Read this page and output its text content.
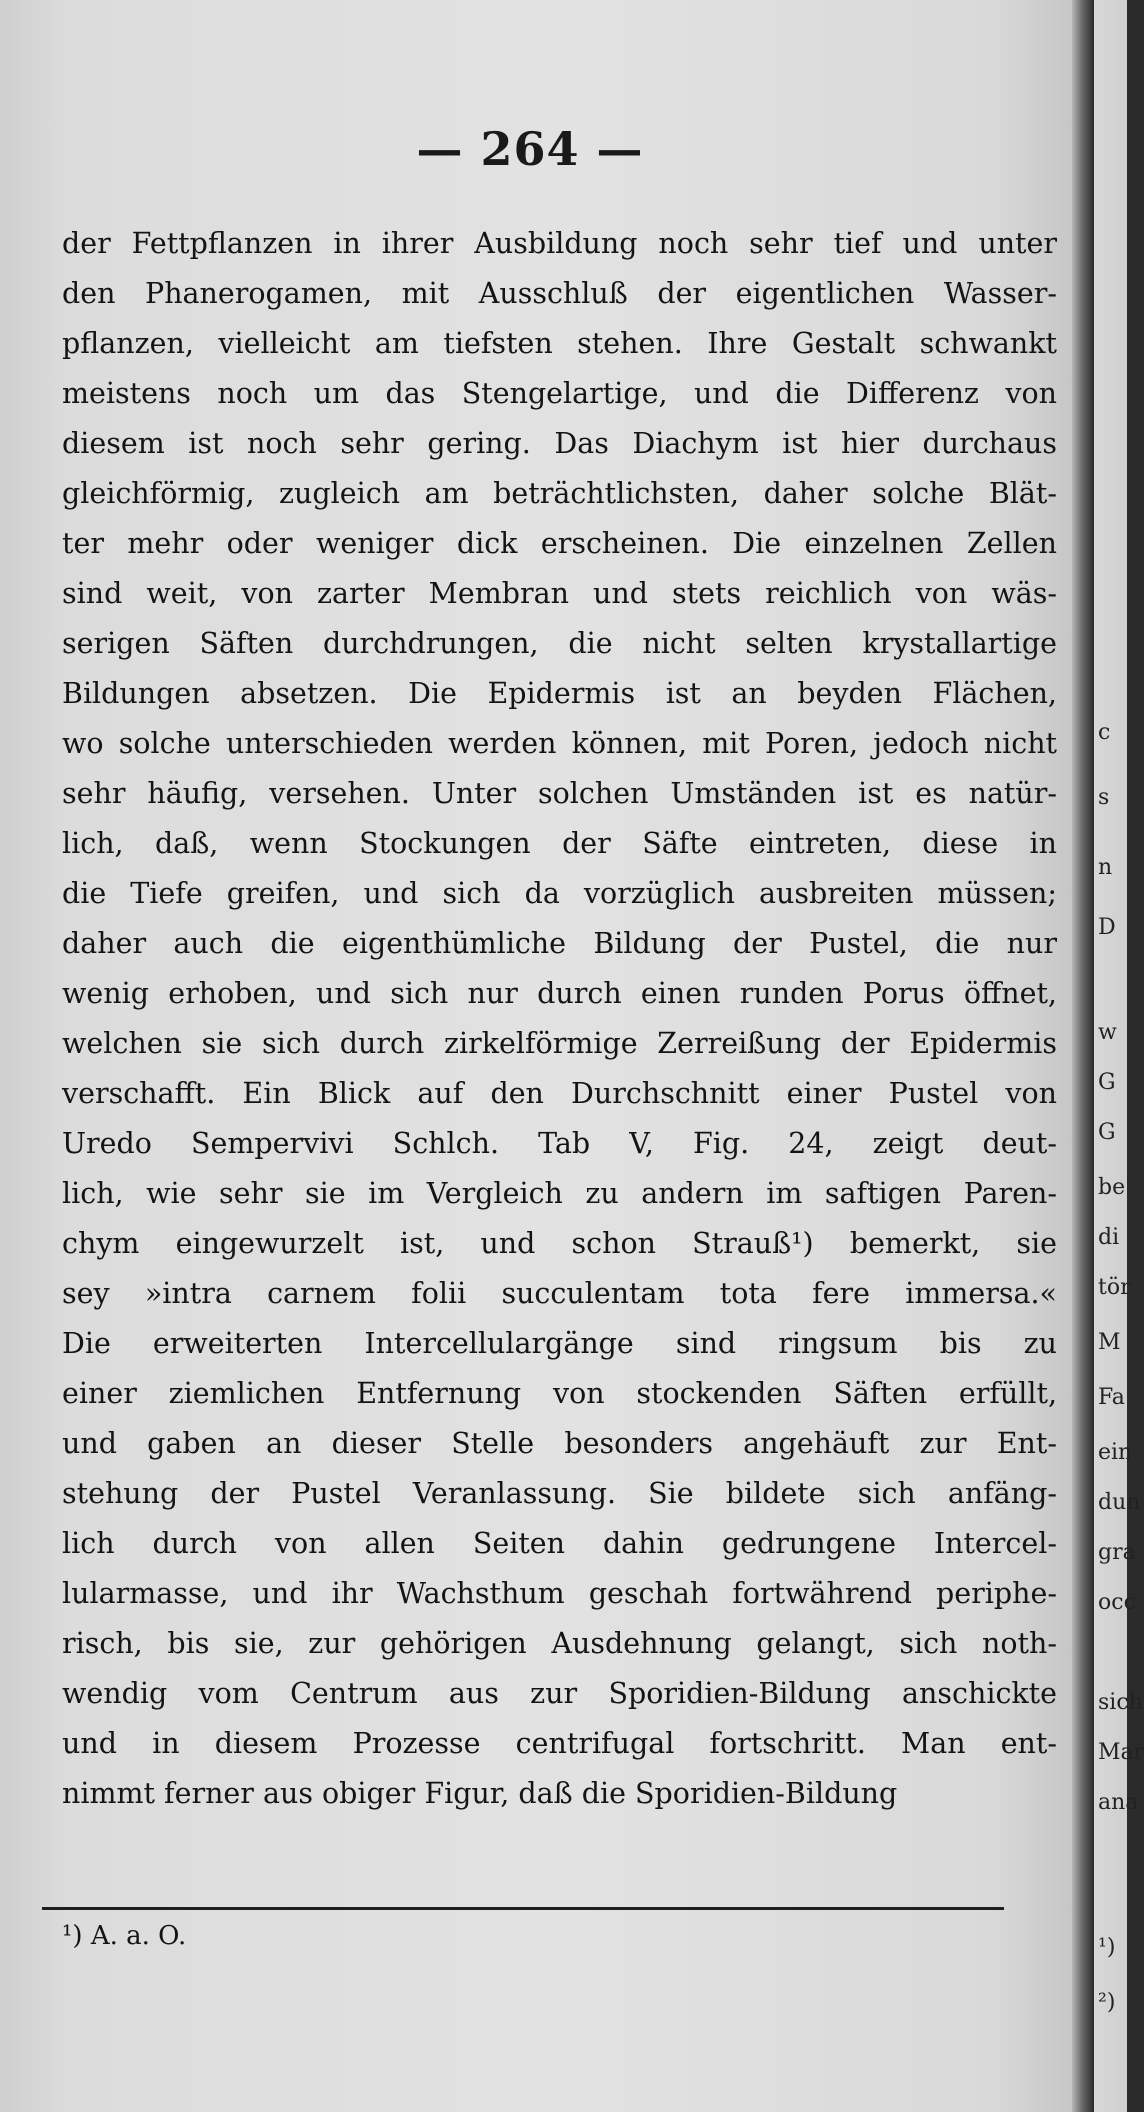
c
s
n
D
w
G
G
be
di
tör
M
Fa
ein
dun
gra
occ
sich
Mar
ana
¹)
²)
— 264 —
der Fettpflanzen in ihrer Ausbildung noch sehr tief und unter
den Phanerogamen, mit Ausschluß der eigentlichen Wasser-
pflanzen, vielleicht am tiefsten stehen. Ihre Gestalt schwankt
meistens noch um das Stengelartige, und die Differenz von
diesem ist noch sehr gering. Das Diachym ist hier durchaus
gleichförmig, zugleich am beträchtlichsten, daher solche Blät-
ter mehr oder weniger dick erscheinen. Die einzelnen Zellen
sind weit, von zarter Membran und stets reichlich von wäs-
serigen Säften durchdrungen, die nicht selten krystallartige
Bildungen absetzen. Die Epidermis ist an beyden Flächen,
wo solche unterschieden werden können, mit Poren, jedoch nicht
sehr häufig, versehen. Unter solchen Umständen ist es natür-
lich, daß, wenn Stockungen der Säfte eintreten, diese in
die Tiefe greifen, und sich da vorzüglich ausbreiten müssen;
daher auch die eigenthümliche Bildung der Pustel, die nur
wenig erhoben, und sich nur durch einen runden Porus öffnet,
welchen sie sich durch zirkelförmige Zerreißung der Epidermis
verschafft. Ein Blick auf den Durchschnitt einer Pustel von
Uredo Sempervivi Schlch. Tab V, Fig. 24, zeigt deut-
lich, wie sehr sie im Vergleich zu andern im saftigen Paren-
chym eingewurzelt ist, und schon Strauß¹) bemerkt, sie
sey »intra carnem folii succulentam tota fere immersa.«
Die erweiterten Intercellulargänge sind ringsum bis zu
einer ziemlichen Entfernung von stockenden Säften erfüllt,
und gaben an dieser Stelle besonders angehäuft zur Ent-
stehung der Pustel Veranlassung. Sie bildete sich anfäng-
lich durch von allen Seiten dahin gedrungene Intercel-
lularmasse, und ihr Wachsthum geschah fortwährend periphe-
risch, bis sie, zur gehörigen Ausdehnung gelangt, sich noth-
wendig vom Centrum aus zur Sporidien-Bildung anschickte
und in diesem Prozesse centrifugal fortschritt. Man ent-
nimmt ferner aus obiger Figur, daß die Sporidien-Bildung
¹) A. a. O.
